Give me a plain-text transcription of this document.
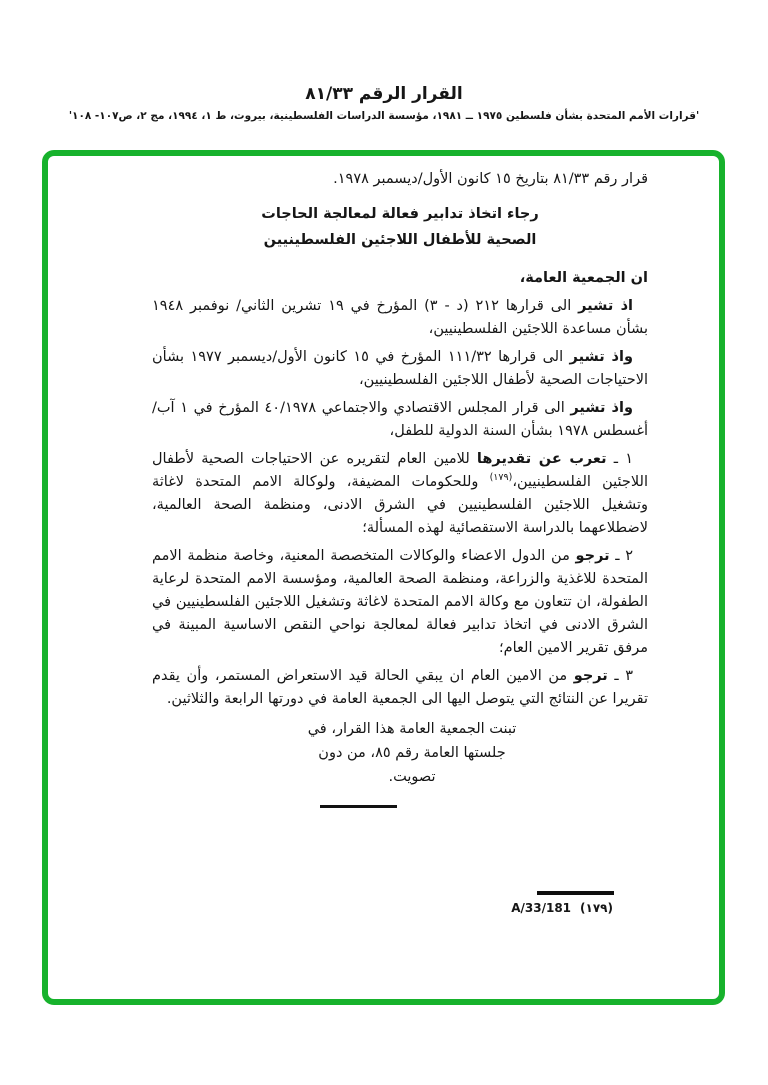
القرار الرقم ٨١/٣٣
'قرارات الأمم المتحدة بشأن فلسطين ١٩٧٥ ــ ١٩٨١، مؤسسة الدراسات الفلسطينية، بيروت، ط ١، ١٩٩٤، مج ٢، ص١٠٧- ١٠٨'
قرار رقم ٨١/٣٣ بتاريخ ١٥ كانون الأول/ديسمبر ١٩٧٨.
رجاء اتخاذ تدابير فعالة لمعالجة الحاجات
الصحية للأطفال اللاجئين الفلسطينيين

ان الجمعية العامة،

اذ تشير الى قرارها ٢١٢ (د - ٣) المؤرخ في ١٩ تشرين الثاني/ نوفمبر ١٩٤٨ بشأن مساعدة اللاجئين الفلسطينيين،

واذ تشير الى قرارها ١١١/٣٢ المؤرخ في ١٥ كانون الأول/ديسمبر ١٩٧٧ بشأن الاحتياجات الصحية لأطفال اللاجئين الفلسطينيين،

واذ تشير الى قرار المجلس الاقتصادي والاجتماعي ٤٠/١٩٧٨ المؤرخ في ١ آب/أغسطس ١٩٧٨ بشأن السنة الدولية للطفل،

١ ـ تعرب عن تقديرها للامين العام لتقريره عن الاحتياجات الصحية لأطفال اللاجئين الفلسطينيين،$^{(١٧٩)}$ وللحكومات المضيفة، ولوكالة الامم المتحدة لاغاثة وتشغيل اللاجئين الفلسطينيين في الشرق الادنى، ومنظمة الصحة العالمية، لاضطلاعهما بالدراسة الاستقصائية لهذه المسألة؛

٢ ـ ترجو من الدول الاعضاء والوكالات المتخصصة المعنية، وخاصة منظمة الامم المتحدة للاغذية والزراعة، ومنظمة الصحة العالمية، ومؤسسة الامم المتحدة لرعاية الطفولة، ان تتعاون مع وكالة الامم المتحدة لاغاثة وتشغيل اللاجئين الفلسطينيين في الشرق الادنى في اتخاذ تدابير فعالة لمعالجة نواحي النقص الاساسية المبينة في مرفق تقرير الامين العام؛

٣ ـ ترجو من الامين العام ان يبقي الحالة قيد الاستعراض المستمر، وأن يقدم تقريرا عن النتائج التي يتوصل اليها الى الجمعية العامة في دورتها الرابعة والثلاثين.

تبنت الجمعية العامة هذا القرار، في
جلستها العامة رقم ٨٥، من دون
تصويت.
A/33/181 (١٧٩)
